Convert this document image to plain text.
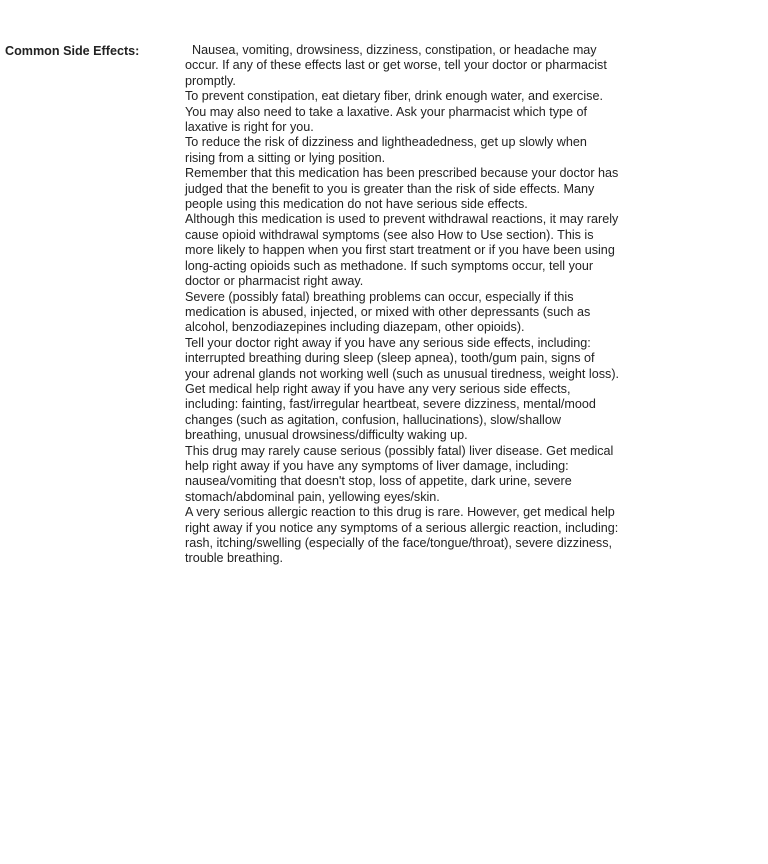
Common Side Effects:	Nausea, vomiting, drowsiness, dizziness, constipation, or headache may occur. If any of these effects last or get worse, tell your doctor or pharmacist promptly.

To prevent constipation, eat dietary fiber, drink enough water, and exercise. You may also need to take a laxative. Ask your pharmacist which type of laxative is right for you.

To reduce the risk of dizziness and lightheadedness, get up slowly when rising from a sitting or lying position.

Remember that this medication has been prescribed because your doctor has judged that the benefit to you is greater than the risk of side effects. Many people using this medication do not have serious side effects.

Although this medication is used to prevent withdrawal reactions, it may rarely cause opioid withdrawal symptoms (see also How to Use section). This is more likely to happen when you first start treatment or if you have been using long-acting opioids such as methadone. If such symptoms occur, tell your doctor or pharmacist right away.

Severe (possibly fatal) breathing problems can occur, especially if this medication is abused, injected, or mixed with other depressants (such as alcohol, benzodiazepines including diazepam, other opioids).

Tell your doctor right away if you have any serious side effects, including: interrupted breathing during sleep (sleep apnea), tooth/gum pain, signs of your adrenal glands not working well (such as unusual tiredness, weight loss).

Get medical help right away if you have any very serious side effects, including: fainting, fast/irregular heartbeat, severe dizziness, mental/mood changes (such as agitation, confusion, hallucinations), slow/shallow breathing, unusual drowsiness/difficulty waking up.

This drug may rarely cause serious (possibly fatal) liver disease. Get medical help right away if you have any symptoms of liver damage, including: nausea/vomiting that doesn't stop, loss of appetite, dark urine, severe stomach/abdominal pain, yellowing eyes/skin.

A very serious allergic reaction to this drug is rare. However, get medical help right away if you notice any symptoms of a serious allergic reaction, including: rash, itching/swelling (especially of the face/tongue/throat), severe dizziness, trouble breathing.
